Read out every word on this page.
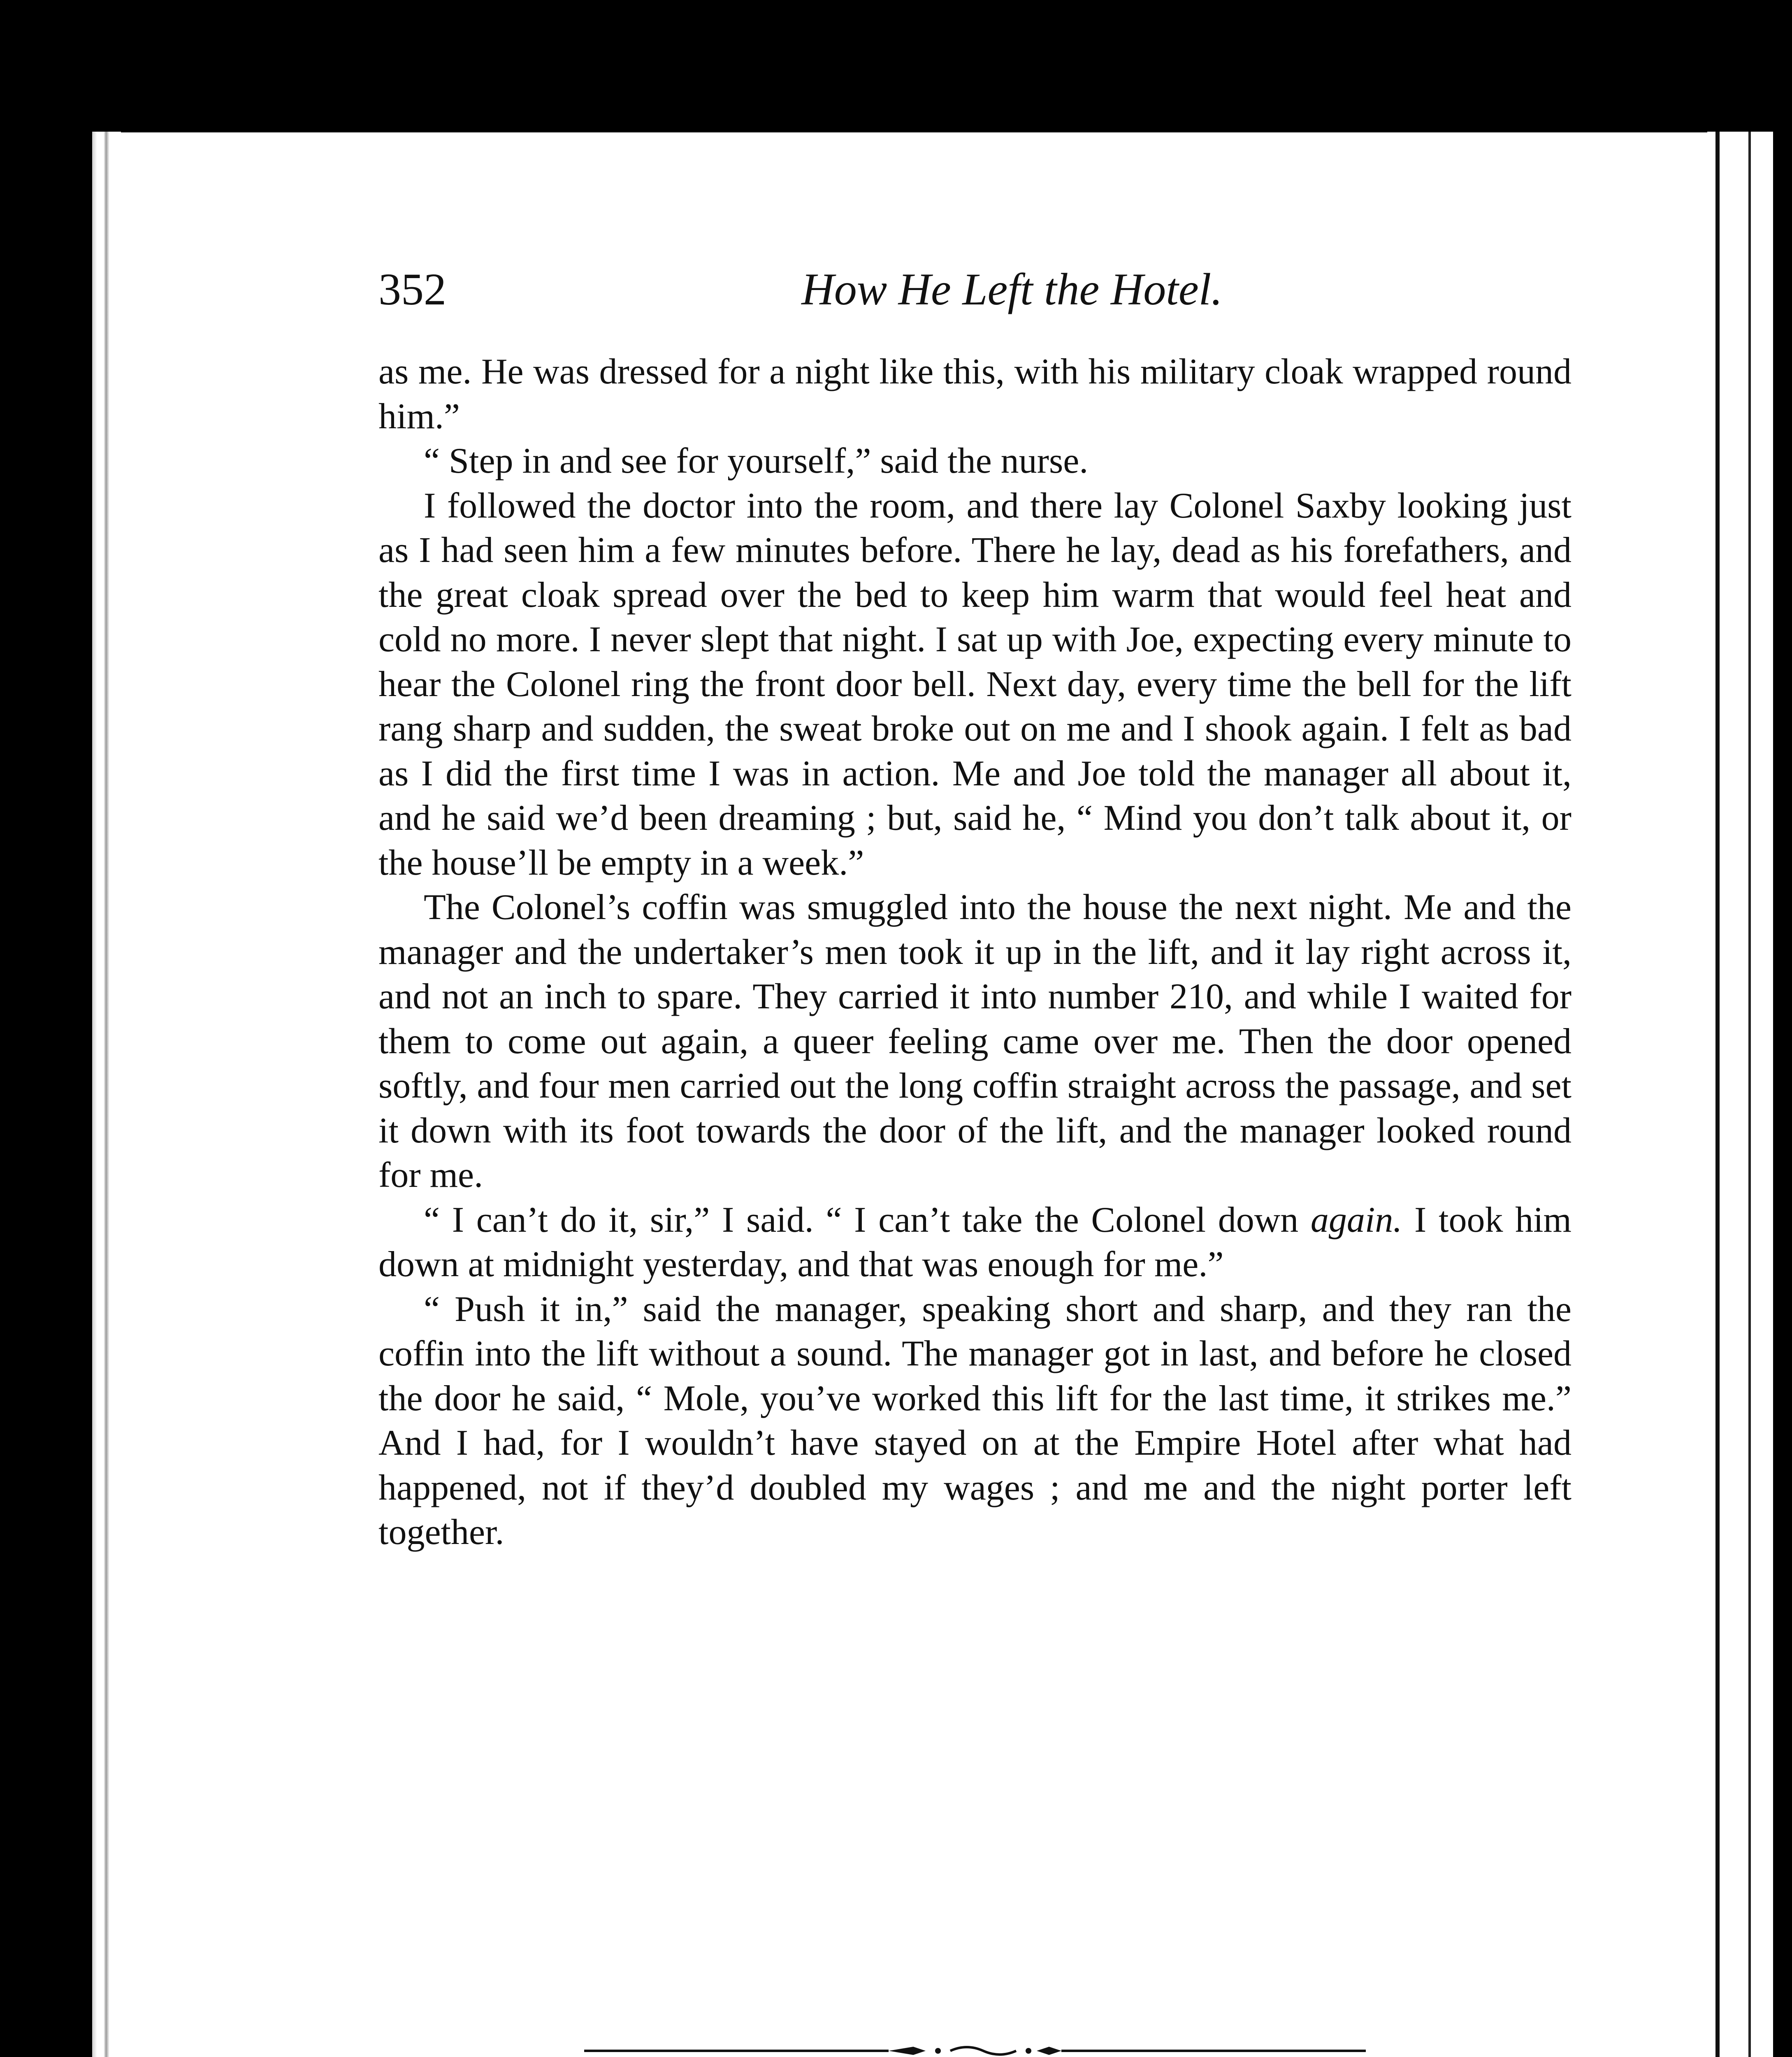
352	How He Left the Hotel.

as me. He was dressed for a night like this, with his military cloak wrapped round him.”

“ Step in and see for yourself,” said the nurse.

I followed the doctor into the room, and there lay Colonel Saxby looking just as I had seen him a few minutes before. There he lay, dead as his forefathers, and the great cloak spread over the bed to keep him warm that would feel heat and cold no more. I never slept that night. I sat up with Joe, expecting every minute to hear the Colonel ring the front door bell. Next day, every time the bell for the lift rang sharp and sudden, the sweat broke out on me and I shook again. I felt as bad as I did the first time I was in action. Me and Joe told the manager all about it, and he said we’d been dreaming ; but, said he, “ Mind you don’t talk about it, or the house’ll be empty in a week.”

The Colonel’s coffin was smuggled into the house the next night. Me and the manager and the undertaker’s men took it up in the lift, and it lay right across it, and not an inch to spare. They carried it into number 210, and while I waited for them to come out again, a queer feeling came over me. Then the door opened softly, and four men carried out the long coffin straight across the passage, and set it down with its foot towards the door of the lift, and the manager looked round for me.

“ I can’t do it, sir,” I said. “ I can’t take the Colonel down again. I took him down at midnight yesterday, and that was enough for me.”

“ Push it in,” said the manager, speaking short and sharp, and they ran the coffin into the lift without a sound. The manager got in last, and before he closed the door he said, “ Mole, you’ve worked this lift for the last time, it strikes me.” And I had, for I wouldn’t have stayed on at the Empire Hotel after what had happened, not if they’d doubled my wages ; and me and the night porter left together.
